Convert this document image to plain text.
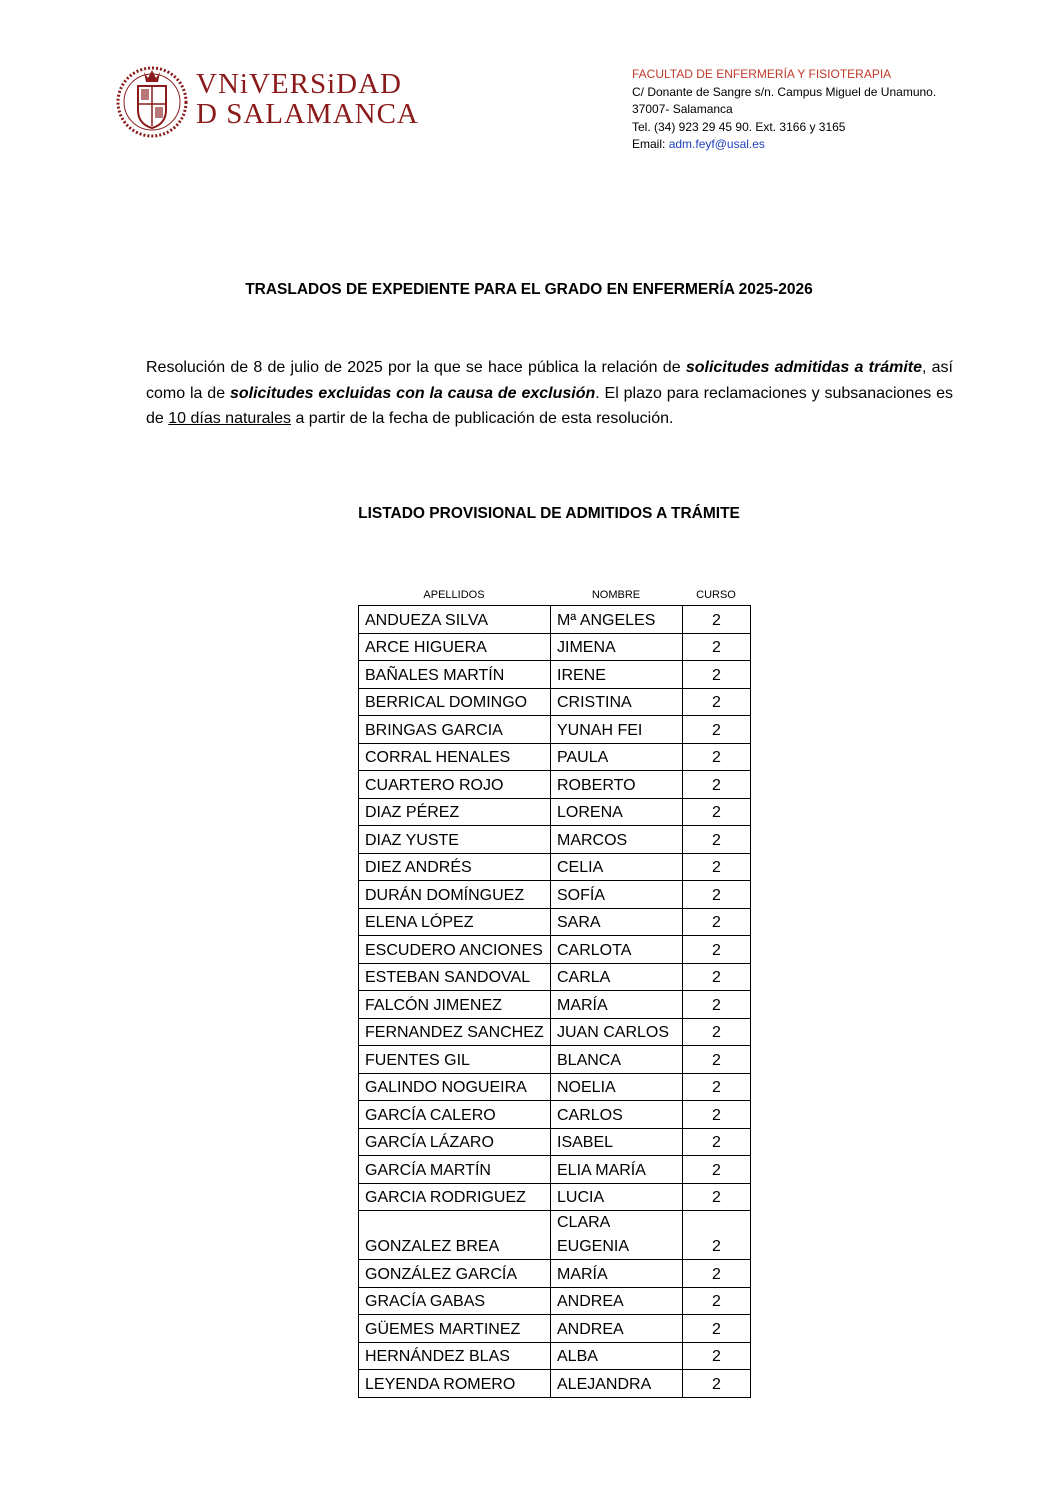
VNiVERSiDAD
D SALAMANCA
FACULTAD DE ENFERMERÍA Y FISIOTERAPIA
C/ Donante de Sangre s/n. Campus Miguel de Unamuno.
37007- Salamanca
Tel. (34) 923 29 45 90. Ext. 3166 y 3165
Email: adm.feyf@usal.es
TRASLADOS DE EXPEDIENTE PARA EL GRADO EN ENFERMERÍA 2025-2026
Resolución de 8 de julio de 2025 por la que se hace pública la relación de solicitudes admitidas a trámite, así como la de solicitudes excluidas con la causa de exclusión. El plazo para reclamaciones y subsanaciones es de 10 días naturales a partir de la fecha de publicación de esta resolución.
LISTADO PROVISIONAL DE ADMITIDOS A TRÁMITE
APELLIDOS	NOMBRE	CURSO
ANDUEZA SILVA	Mª ANGELES	2
ARCE HIGUERA	JIMENA	2
BAÑALES MARTÍN	IRENE	2
BERRICAL DOMINGO	CRISTINA	2
BRINGAS GARCIA	YUNAH FEI	2
CORRAL HENALES	PAULA	2
CUARTERO ROJO	ROBERTO	2
DIAZ PÉREZ	LORENA	2
DIAZ YUSTE	MARCOS	2
DIEZ ANDRÉS	CELIA	2
DURÁN DOMÍNGUEZ	SOFÍA	2
ELENA LÓPEZ	SARA	2
ESCUDERO ANCIONES	CARLOTA	2
ESTEBAN SANDOVAL	CARLA	2
FALCÓN JIMENEZ	MARÍA	2
FERNANDEZ SANCHEZ	JUAN CARLOS	2
FUENTES GIL	BLANCA	2
GALINDO NOGUEIRA	NOELIA	2
GARCÍA CALERO	CARLOS	2
GARCÍA LÁZARO	ISABEL	2
GARCÍA MARTÍN	ELIA MARÍA	2
GARCIA RODRIGUEZ	LUCIA	2
GONZALEZ BREA	CLARA EUGENIA	2
GONZÁLEZ GARCÍA	MARÍA	2
GRACÍA GABAS	ANDREA	2
GÜEMES MARTINEZ	ANDREA	2
HERNÁNDEZ BLAS	ALBA	2
LEYENDA ROMERO	ALEJANDRA	2
